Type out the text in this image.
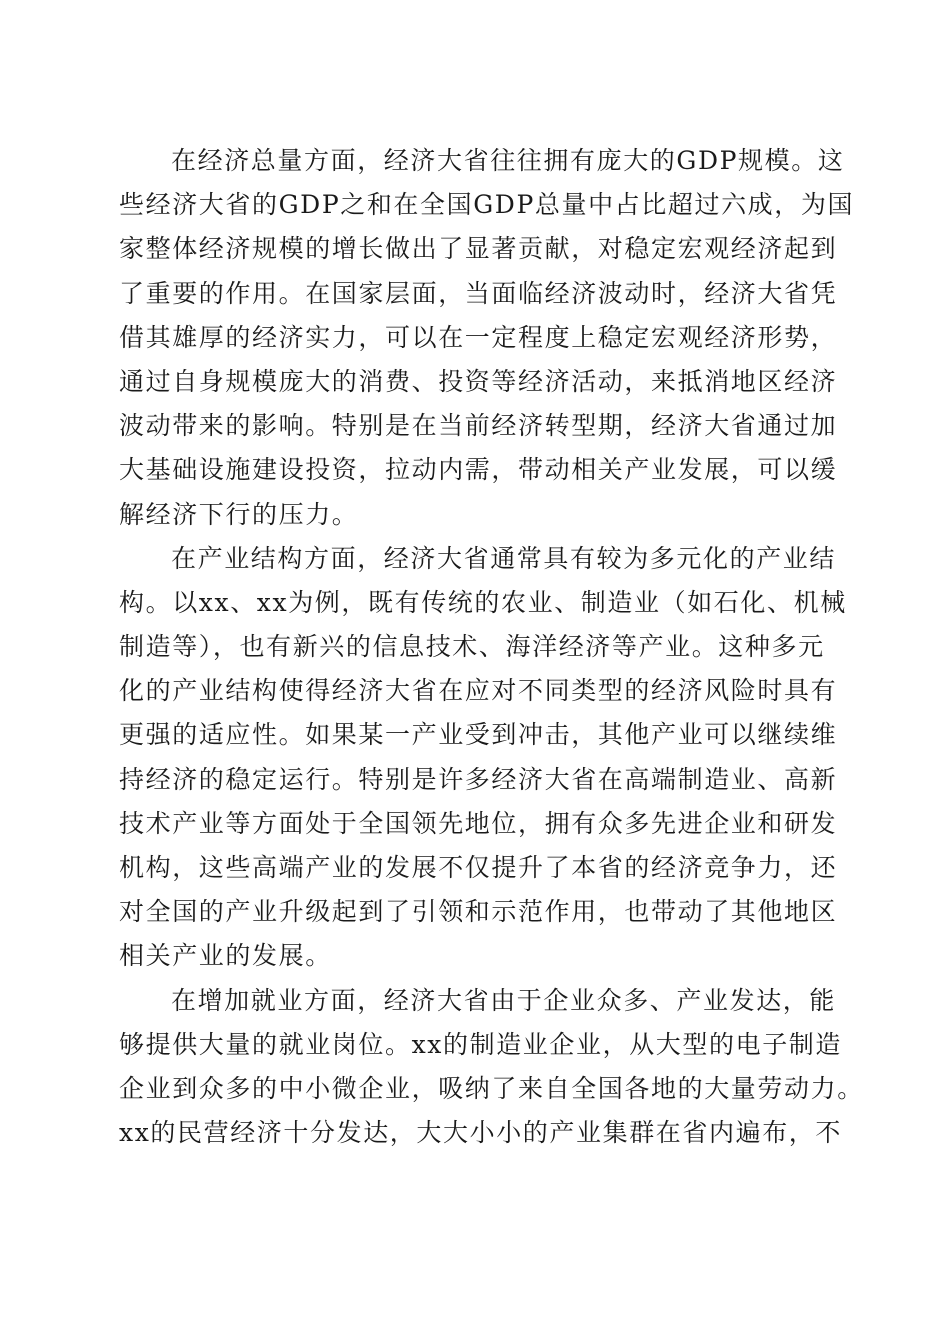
在经济总量方面，经济大省往往拥有庞大的GDP规模。这
些经济大省的GDP之和在全国GDP总量中占比超过六成，为国
家整体经济规模的增长做出了显著贡献，对稳定宏观经济起到
了重要的作用。在国家层面，当面临经济波动时，经济大省凭
借其雄厚的经济实力，可以在一定程度上稳定宏观经济形势，
通过自身规模庞大的消费、投资等经济活动，来抵消地区经济
波动带来的影响。特别是在当前经济转型期，经济大省通过加
大基础设施建设投资，拉动内需，带动相关产业发展，可以缓
解经济下行的压力。
在产业结构方面，经济大省通常具有较为多元化的产业结
构。以xx、xx为例，既有传统的农业、制造业（如石化、机械
制造等），也有新兴的信息技术、海洋经济等产业。这种多元
化的产业结构使得经济大省在应对不同类型的经济风险时具有
更强的适应性。如果某一产业受到冲击，其他产业可以继续维
持经济的稳定运行。特别是许多经济大省在高端制造业、高新
技术产业等方面处于全国领先地位，拥有众多先进企业和研发
机构，这些高端产业的发展不仅提升了本省的经济竞争力，还
对全国的产业升级起到了引领和示范作用，也带动了其他地区
相关产业的发展。
在增加就业方面，经济大省由于企业众多、产业发达，能
够提供大量的就业岗位。xx的制造业企业，从大型的电子制造
企业到众多的中小微企业，吸纳了来自全国各地的大量劳动力。
xx的民营经济十分发达，大大小小的产业集群在省内遍布，不
